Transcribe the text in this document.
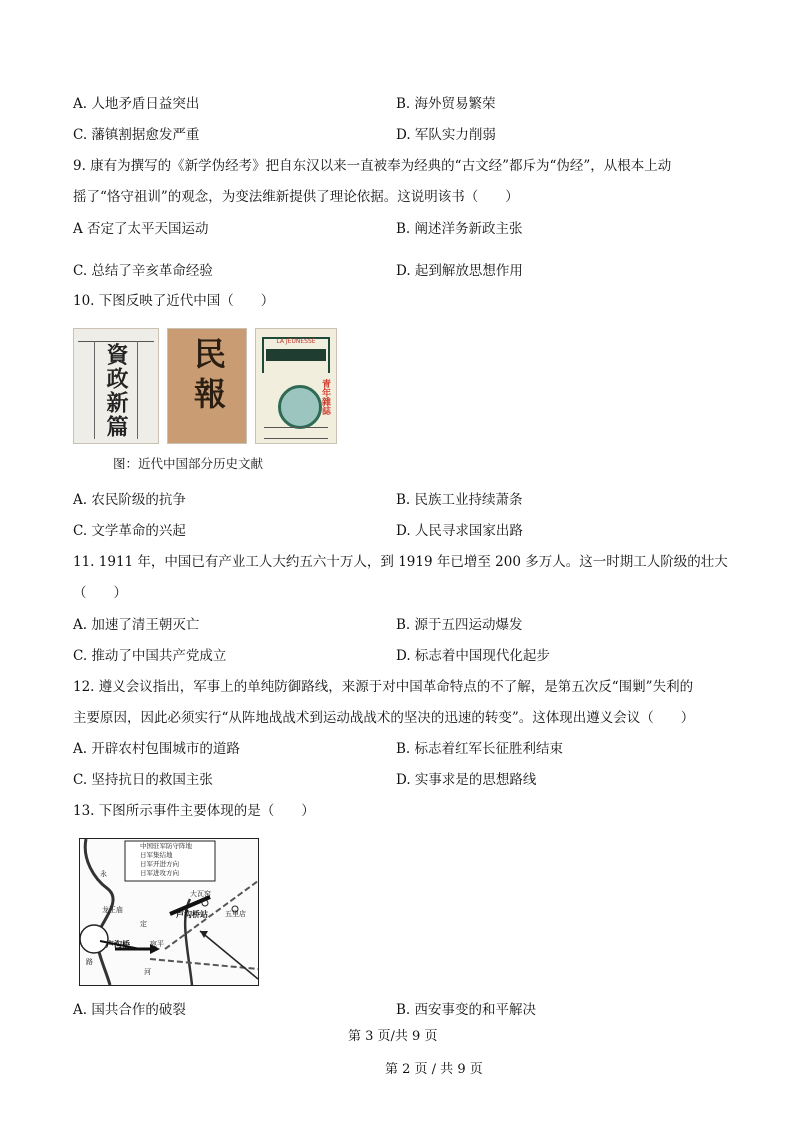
A. 人地矛盾日益突出	B. 海外贸易繁荣
C. 藩镇割据愈发严重	D. 军队实力削弱
9. 康有为撰写的《新学伪经考》把自东汉以来一直被奉为经典的“古文经”都斥为“伪经”，从根本上动
摇了“恪守祖训”的观念，为变法维新提供了理论依据。这说明该书（　　）
A 否定了太平天国运动	B. 阐述洋务新政主张
C. 总结了辛亥革命经验	D. 起到解放思想作用
10. 下图反映了近代中国（　　）
資政新篇 民報	LA JEUNESSE
青年雜誌
图：近代中国部分历史文献
A. 农民阶级的抗争	B. 民族工业持续萧条
C. 文学革命的兴起	D. 人民寻求国家出路
11. 1911 年，中国已有产业工人大约五六十万人，到 1919 年已增至 200 多万人。这一时期工人阶级的壮大
（　　）
A. 加速了清王朝灭亡	B. 源于五四运动爆发
C. 推动了中国共产党成立	D. 标志着中国现代化起步
12. 遵义会议指出，军事上的单纯防御路线，来源于对中国革命特点的不了解，是第五次反“围剿”失利的
主要原因，因此必须实行“从阵地战战术到运动战战术的坚决的迅速的转变”。这体现出遵义会议（　　）
A. 开辟农村包围城市的道路	B. 标志着红军长征胜利结束
C. 坚持抗日的救国主张	D. 实事求是的思想路线
13. 下图所示事件主要体现的是（　　）
中国驻军防守阵地
日军集结地
日军开进方向
日军进攻方向
永
龙王庙
定
大瓦窑
卢沟桥站 五里店
卢沟桥	宛平
路
河
A. 国共合作的破裂	B. 西安事变的和平解决
第 3 页/共 9 页
第 2 页 / 共 9 页
